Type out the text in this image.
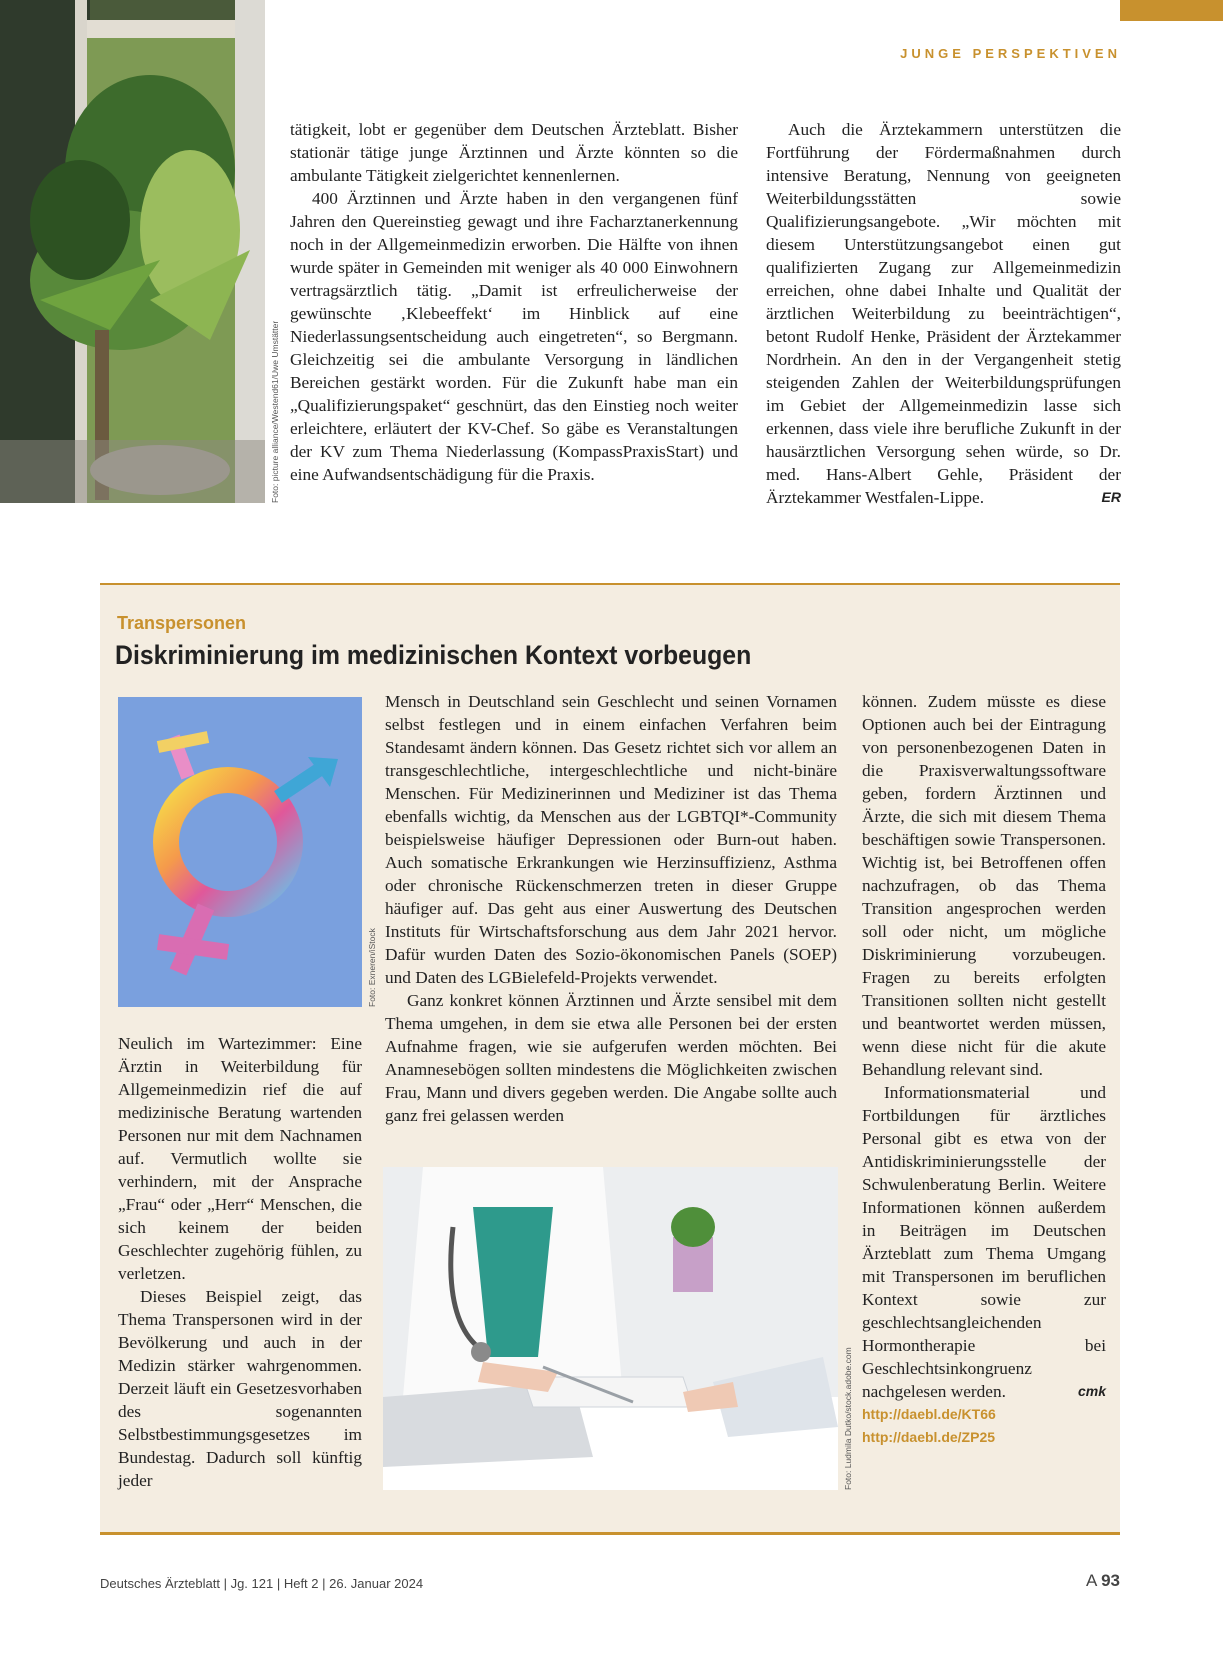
JUNGE PERSPEKTIVEN
Foto: picture alliance/Westend61/Uwe Umstätter

tätigkeit, lobt er gegenüber dem Deutschen Ärzteblatt. Bisher stationär tätige junge Ärztinnen und Ärzte könnten so die ambulante Tätigkeit zielgerichtet kennenlernen.

400 Ärztinnen und Ärzte haben in den vergangenen fünf Jahren den Quereinstieg gewagt und ihre Facharztanerkennung noch in der Allgemeinmedizin erworben. Die Hälfte von ihnen wurde später in Gemeinden mit weniger als 40 000 Einwohnern vertragsärztlich tätig. „Damit ist erfreulicherweise der gewünschte ‚Klebeeffekt‘ im Hinblick auf eine Niederlassungsentscheidung auch eingetreten“, so Bergmann. Gleichzeitig sei die ambulante Versorgung in ländlichen Bereichen gestärkt worden. Für die Zukunft habe man ein „Qualifizierungspaket“ geschnürt, das den Einstieg noch weiter erleichtere, erläutert der KV-Chef. So gäbe es Veranstaltungen der KV zum Thema Niederlassung (KompassPraxisStart) und eine Aufwandsentschädigung für die Praxis.

Auch die Ärztekammern unterstützen die Fortführung der Fördermaßnahmen durch intensive Beratung, Nennung von geeigneten Weiterbildungsstätten sowie Qualifizierungsangebote. „Wir möchten mit diesem Unterstützungsangebot einen gut qualifizierten Zugang zur Allgemeinmedizin erreichen, ohne dabei Inhalte und Qualität der ärztlichen Weiterbildung zu beeinträchtigen“, betont Rudolf Henke, Präsident der Ärztekammer Nordrhein. An den in der Vergangenheit stetig steigenden Zahlen der Weiterbildungsprüfungen im Gebiet der Allgemeinmedizin lasse sich erkennen, dass viele ihre berufliche Zukunft in der hausärztlichen Versorgung sehen würde, so Dr. med. Hans-Albert Gehle, Präsident der Ärztekammer Westfalen-Lippe.	ER
Transpersonen
Diskriminierung im medizinischen Kontext vorbeugen
Foto: Exneren/iStock

Neulich im Wartezimmer: Eine Ärztin in Weiterbildung für Allgemeinmedizin rief die auf medizinische Beratung wartenden Personen nur mit dem Nachnamen auf. Vermutlich wollte sie verhindern, mit der Ansprache „Frau“ oder „Herr“ Menschen, die sich keinem der beiden Geschlechter zugehörig fühlen, zu verletzen.

Dieses Beispiel zeigt, das Thema Transpersonen wird in der Bevölkerung und auch in der Medizin stärker wahrgenommen. Derzeit läuft ein Gesetzesvorhaben des sogenannten Selbstbestimmungsgesetzes im Bundestag. Dadurch soll künftig jeder

Mensch in Deutschland sein Geschlecht und seinen Vornamen selbst festlegen und in einem einfachen Verfahren beim Standesamt ändern können. Das Gesetz richtet sich vor allem an transgeschlechtliche, intergeschlechtliche und nicht-binäre Menschen. Für Medizinerinnen und Mediziner ist das Thema ebenfalls wichtig, da Menschen aus der LGBTQI*-Community beispielsweise häufiger Depressionen oder Burn-out haben. Auch somatische Erkrankungen wie Herzinsuffizienz, Asthma oder chronische Rückenschmerzen treten in dieser Gruppe häufiger auf. Das geht aus einer Auswertung des Deutschen Instituts für Wirtschaftsforschung aus dem Jahr 2021 hervor. Dafür wurden Daten des Sozio-ökonomischen Panels (SOEP) und Daten des LGBielefeld-Projekts verwendet.

Ganz konkret können Ärztinnen und Ärzte sensibel mit dem Thema umgehen, in dem sie etwa alle Personen bei der ersten Aufnahme fragen, wie sie aufgerufen werden möchten. Bei Anamnesebögen sollten mindestens die Möglichkeiten zwischen Frau, Mann und divers gegeben werden. Die Angabe sollte auch ganz frei gelassen werden

Foto: Ludmila Dutko/stock.adobe.com

können. Zudem müsste es diese Optionen auch bei der Eintragung von personenbezogenen Daten in die Praxisverwaltungssoftware geben, fordern Ärztinnen und Ärzte, die sich mit diesem Thema beschäftigen sowie Transpersonen. Wichtig ist, bei Betroffenen offen nachzufragen, ob das Thema Transition angesprochen werden soll oder nicht, um mögliche Diskriminierung vorzubeugen. Fragen zu bereits erfolgten Transitionen sollten nicht gestellt und beantwortet werden müssen, wenn diese nicht für die akute Behandlung relevant sind.

Informationsmaterial und Fortbildungen für ärztliches Personal gibt es etwa von der Antidiskriminierungsstelle der Schwulenberatung Berlin. Weitere Informationen können außerdem in Beiträgen im Deutschen Ärzteblatt zum Thema Umgang mit Transpersonen im beruflichen Kontext sowie zur geschlechtsangleichenden Hormontherapie bei Geschlechtsinkongruenz nachgelesen werden.	cmk
http://daebl.de/KT66
http://daebl.de/ZP25
Deutsches Ärzteblatt | Jg. 121 | Heft 2 | 26. Januar 2024	A 93
